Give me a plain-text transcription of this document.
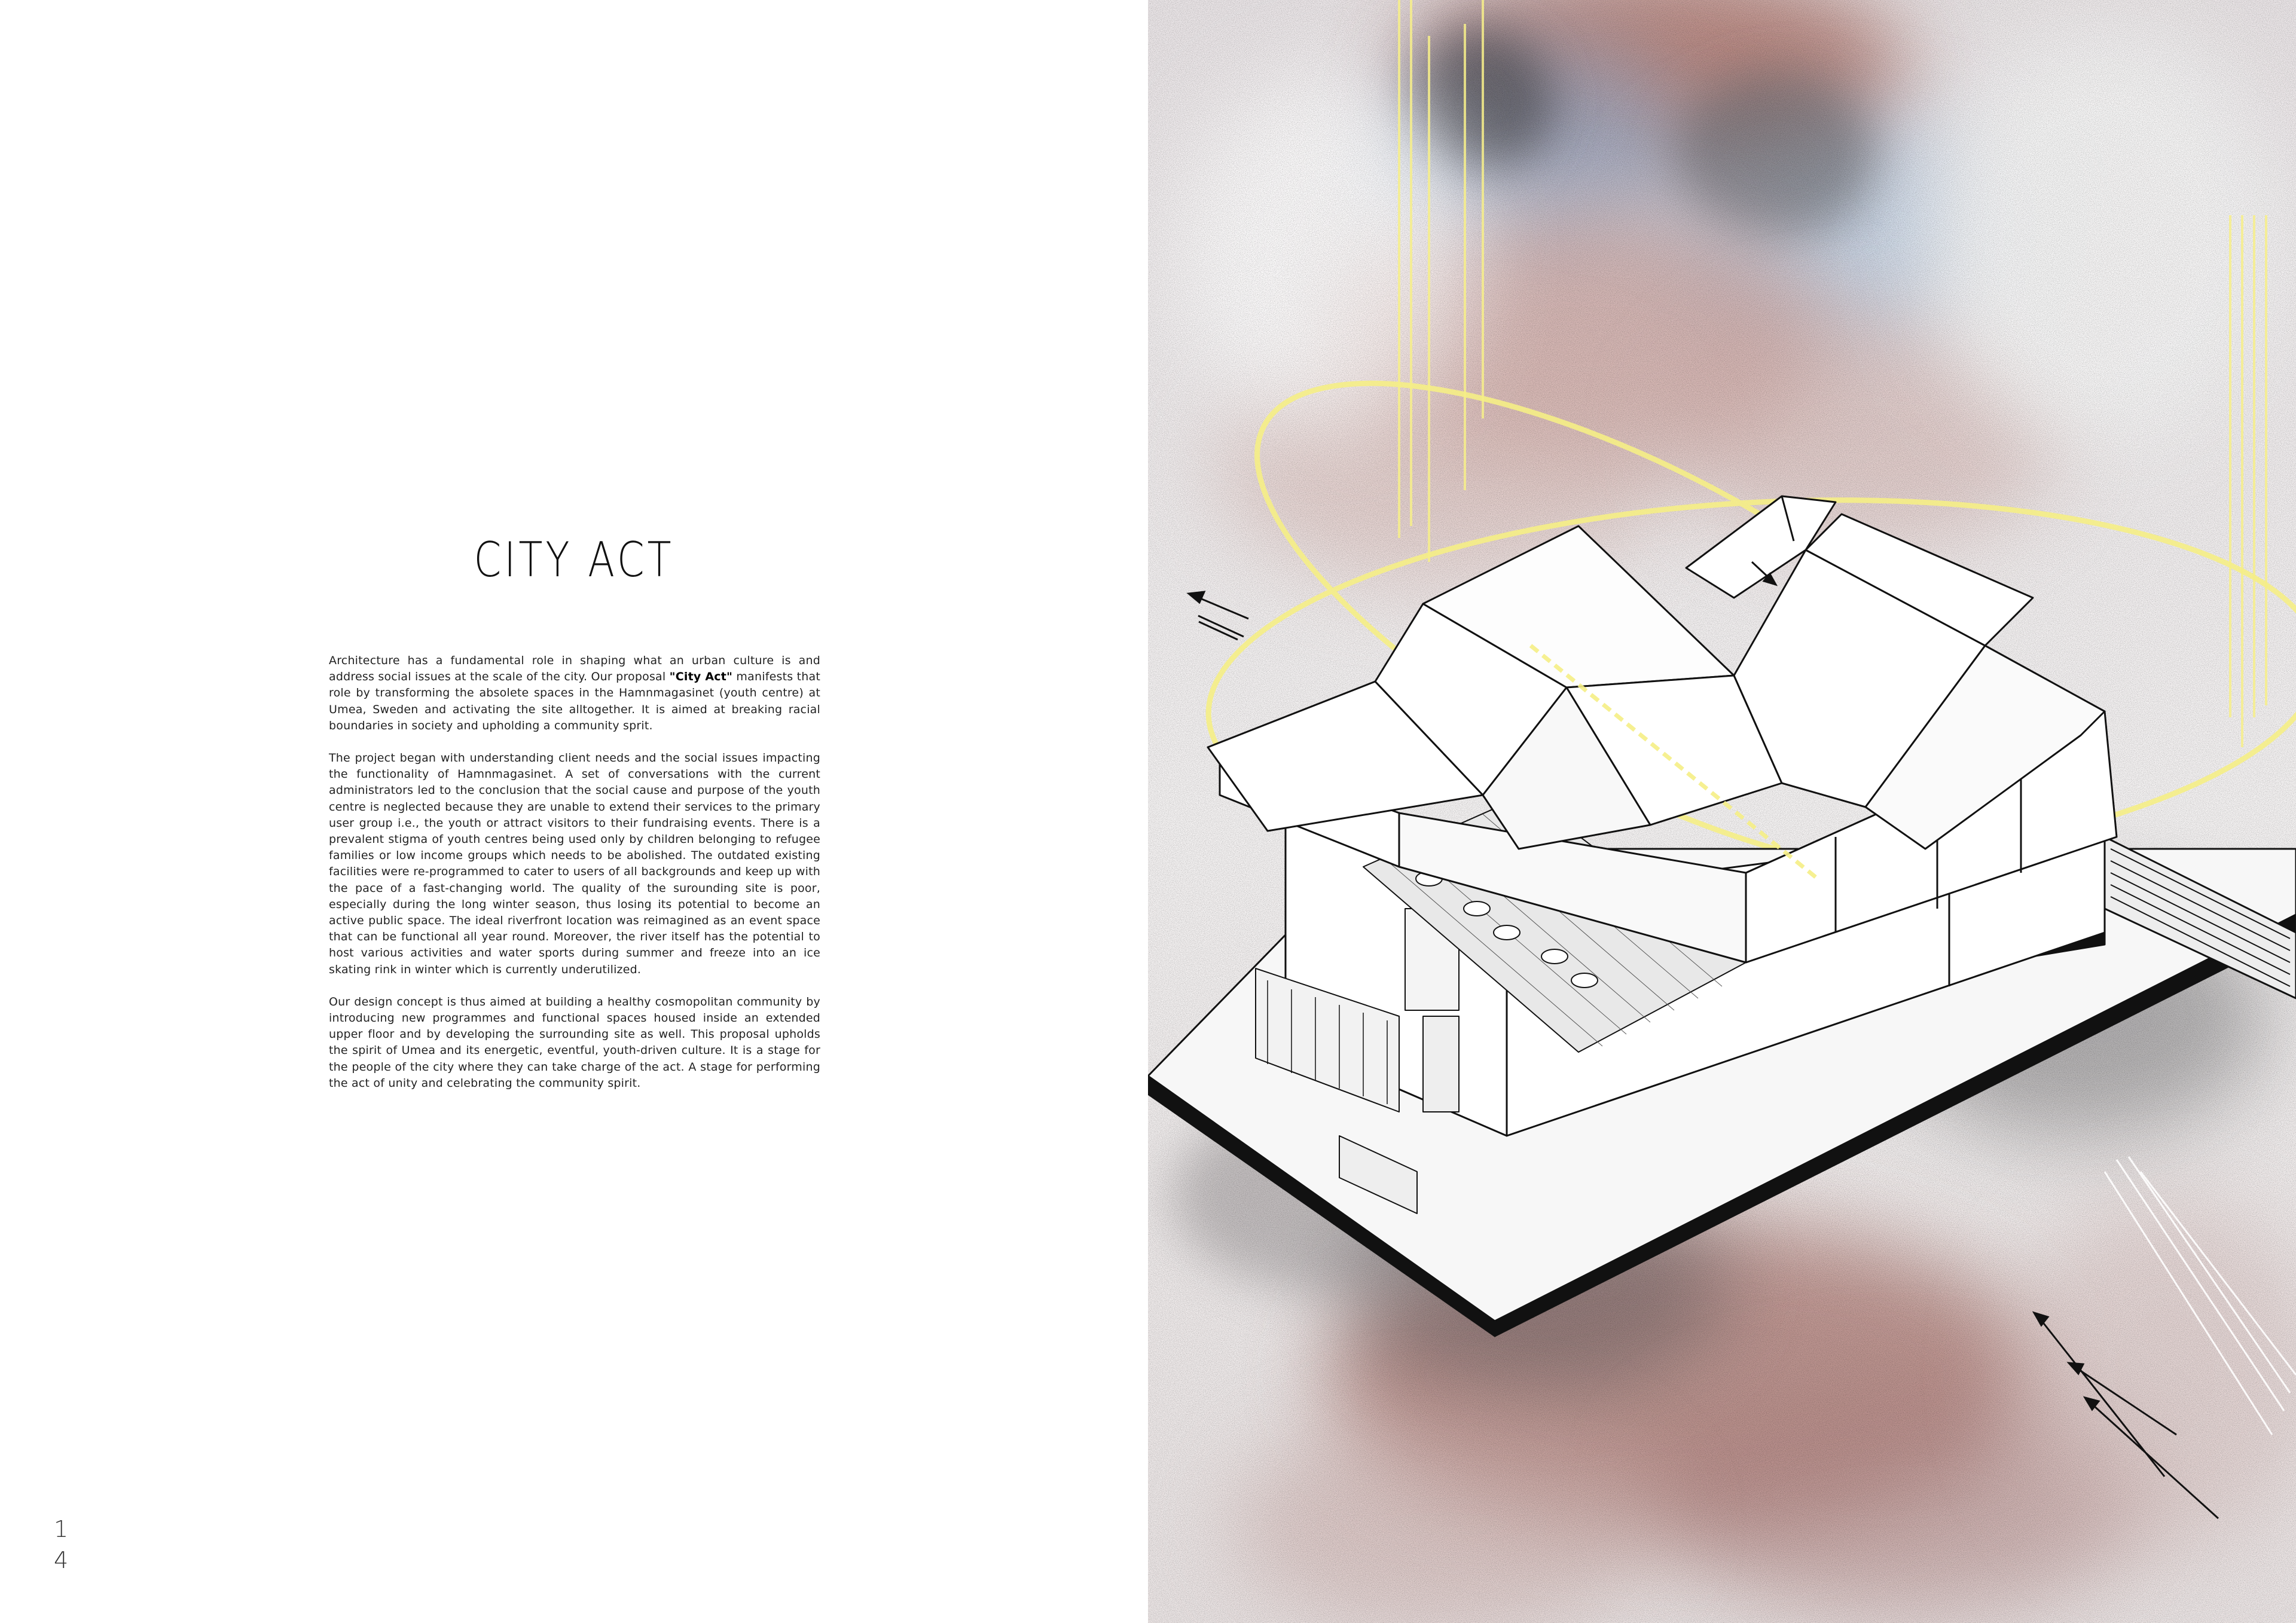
CITY ACT

Architecture has a fundamental role in shaping what an urban culture is and address social issues at the scale of the city. Our proposal "City Act" manifests that role by transforming the absolete spaces in the Hamnmagasinet (youth centre) at Umea, Sweden and activating the site alltogether. It is aimed at breaking racial boundaries in society and upholding a community sprit.

The project began with understanding client needs and the social issues impacting the functionality of Hamnmagasinet. A set of conversations with the current administrators led to the conclusion that the social cause and purpose of the youth centre is neglected because they are unable to extend their services to the primary user group i.e., the youth or attract visitors to their fundraising events. There is a prevalent stigma of youth centres being used only by children belonging to refugee families or low income groups which needs to be abolished. The outdated existing facilities were re-programmed to cater to users of all backgrounds and keep up with the pace of a fast-changing world. The quality of the surounding site is poor, especially during the long winter season, thus losing its potential to become an active public space. The ideal riverfront location was reimagined as an event space that can be functional all year round. Moreover, the river itself has the potential to host various activities and water sports during summer and freeze into an ice skating rink in winter which is currently underutilized.

Our design concept is thus aimed at building a healthy cosmopolitan community by introducing new programmes and functional spaces housed inside an extended upper floor and by developing the surrounding site as well. This proposal upholds the spirit of Umea and its energetic, eventful, youth-driven culture. It is a stage for the people of the city where they can take charge of the act. A stage for performing the act of unity and celebrating the community spirit.

1
4
